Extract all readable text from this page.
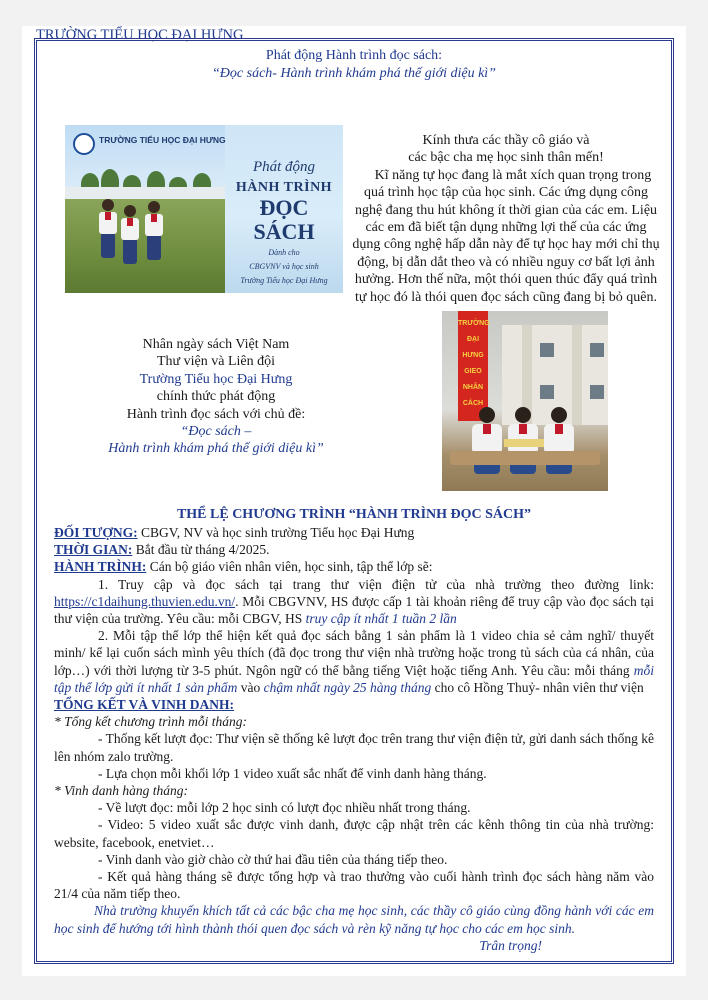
TRƯỜNG TIỂU HỌC ĐẠI HƯNG
Phát động Hành trình đọc sách:
“Đọc sách- Hành trình khám phá thế giới diệu kì”
TRƯỜNG TIỂU HỌC ĐẠI HƯNG
Phát động
HÀNH TRÌNH
ĐỌC
SÁCH
Dành cho
CBGVNV và học sinh
Trường Tiểu học Đại Hưng
Kính thưa các thầy cô giáo và
các bậc cha mẹ học sinh thân mến!
Kĩ năng tự học đang là mắt xích quan trọng trong quá trình học tập của học sinh. Các ứng dụng công nghệ đang thu hút không ít thời gian của các em. Liệu các em đã biết tận dụng những lợi thế của các ứng dụng công nghệ hấp dẫn này để tự học hay mới chỉ thụ động, bị dẫn dắt theo và có nhiều nguy cơ bất lợi ảnh hưởng. Hơn thế nữa, một thói quen thúc đẩy quá trình tự học đó là thói quen đọc sách cũng đang bị bỏ quên.
Nhân ngày sách Việt Nam
Thư viện và Liên đội
Trường Tiểu học Đại Hưng
chính thức phát động
Hành trình đọc sách với chủ đề:
“Đọc sách –
Hành trình khám phá thế giới diệu kì”
TRƯỜNG
ĐẠI
HƯNG
GIEO
NHÂN
CÁCH
THỂ LỆ CHƯƠNG TRÌNH “HÀNH TRÌNH ĐỌC SÁCH”

ĐỐI TƯỢNG: CBGV, NV và học sinh trường Tiểu học Đại Hưng

THỜI GIAN: Bắt đầu từ tháng 4/2025.

HÀNH TRÌNH: Cán bộ giáo viên nhân viên, học sinh, tập thể lớp sẽ:

1. Truy cập và đọc sách tại trang thư viện điện tử của nhà trường theo đường link: https://c1daihung.thuvien.edu.vn/. Mỗi CBGVNV, HS được cấp 1 tài khoản riêng để truy cập vào đọc sách tại thư viện của trường. Yêu cầu: mỗi CBGV, HS truy cập ít nhất 1 tuần 2 lần

2. Mỗi tập thể lớp thể hiện kết quả đọc sách bằng 1 sản phẩm là 1 video chia sẻ cảm nghĩ/ thuyết minh/ kể lại cuốn sách mình yêu thích (đã đọc trong thư viện nhà trường hoặc trong tủ sách của cá nhân, của lớp…) với thời lượng từ 3-5 phút. Ngôn ngữ có thể bằng tiếng Việt hoặc tiếng Anh. Yêu cầu: mỗi tháng mỗi tập thể lớp gửi ít nhất 1 sản phẩm vào chậm nhất ngày 25 hàng tháng cho cô Hồng Thuỷ- nhân viên thư viện

TỔNG KẾT VÀ VINH DANH:

* Tổng kết chương trình mỗi tháng:

- Thống kết lượt đọc: Thư viện sẽ thống kê lượt đọc trên trang thư viện điện tử, gửi danh sách thống kê lên nhóm zalo trường.

- Lựa chọn mỗi khối lớp 1 video xuất sắc nhất để vinh danh hàng tháng.

* Vinh danh hàng tháng:

- Về lượt đọc: mỗi lớp 2 học sinh có lượt đọc nhiều nhất trong tháng.

- Video: 5 video xuất sắc được vinh danh, được cập nhật trên các kênh thông tin của nhà trường: website, facebook, enetviet…

- Vinh danh vào giờ chào cờ thứ hai đầu tiên của tháng tiếp theo.

- Kết quả hàng tháng sẽ được tổng hợp và trao thưởng vào cuối hành trình đọc sách hàng năm vào 21/4 của năm tiếp theo.

Nhà trường khuyến khích tất cả các bậc cha mẹ học sinh, các thầy cô giáo cùng đồng hành với các em học sinh để hướng tới hình thành thói quen đọc sách và rèn kỹ năng tự học cho các em học sinh.

Trân trọng!
